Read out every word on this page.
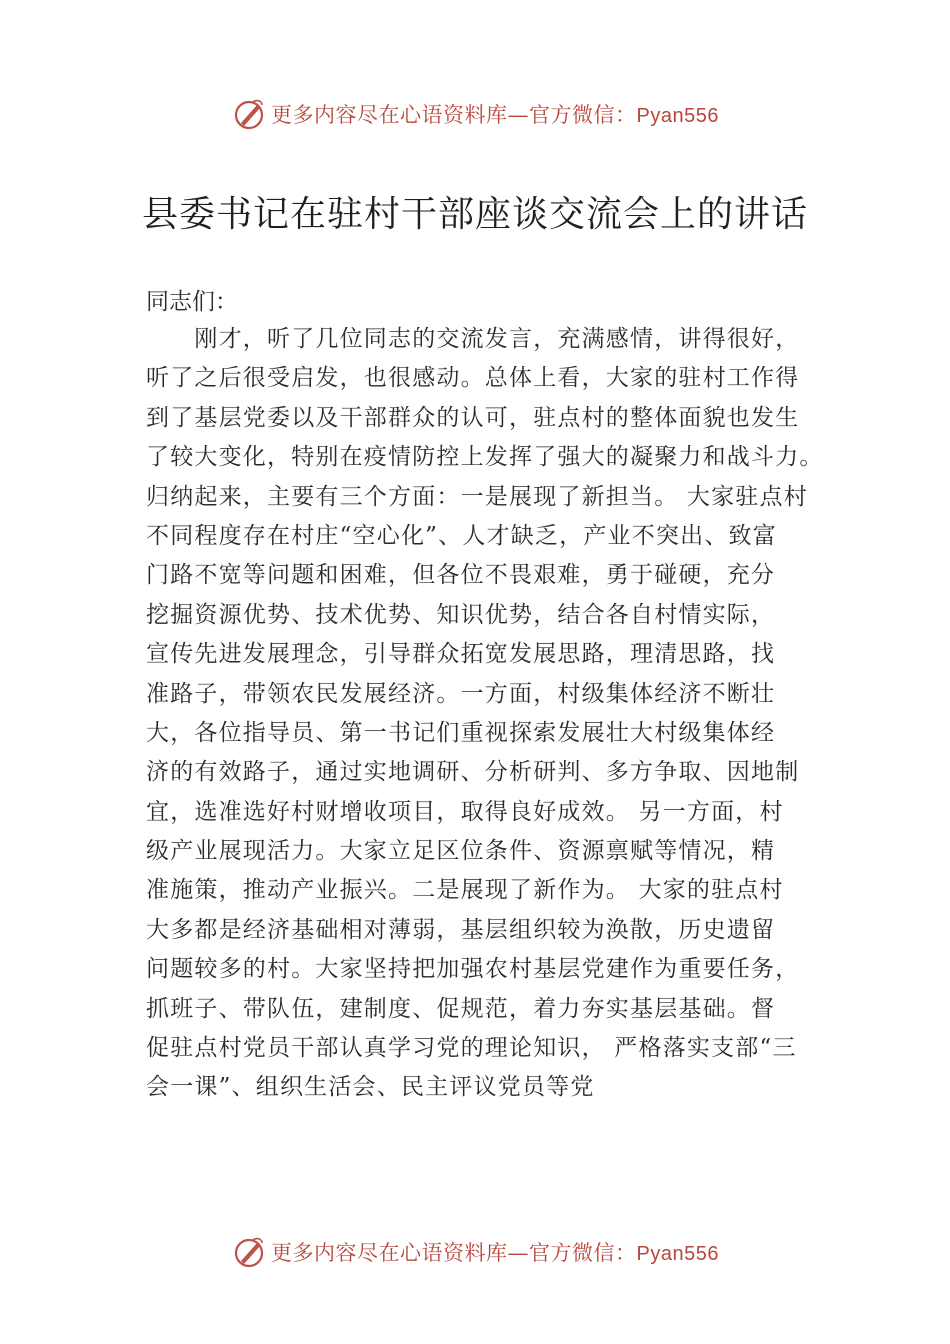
更多内容尽在心语资料库—官方微信：Pyan556
县委书记在驻村干部座谈交流会上的讲话
同志们：
　　刚才，听了几位同志的交流发言，充满感情，讲得很好，
听了之后很受启发，也很感动。总体上看，大家的驻村工作得
到了基层党委以及干部群众的认可，驻点村的整体面貌也发生
了较大变化，特别在疫情防控上发挥了强大的凝聚力和战斗力。
归纳起来，主要有三个方面：一是展现了新担当。 大家驻点村
不同程度存在村庄“空心化”、人才缺乏，产业不突出、致富
门路不宽等问题和困难，但各位不畏艰难，勇于碰硬，充分
挖掘资源优势、技术优势、知识优势，结合各自村情实际，
宣传先进发展理念，引导群众拓宽发展思路，理清思路，找
准路子，带领农民发展经济。一方面，村级集体经济不断壮
大，各位指导员、第一书记们重视探索发展壮大村级集体经
济的有效路子，通过实地调研、分析研判、多方争取、因地制
宜，选准选好村财增收项目，取得良好成效。 另一方面，村
级产业展现活力。大家立足区位条件、资源禀赋等情况，精
准施策，推动产业振兴。二是展现了新作为。 大家的驻点村
大多都是经济基础相对薄弱，基层组织较为涣散，历史遗留
问题较多的村。大家坚持把加强农村基层党建作为重要任务，
抓班子、带队伍，建制度、促规范，着力夯实基层基础。督
促驻点村党员干部认真学习党的理论知识， 严格落实支部“三
会一课”、组织生活会、民主评议党员等党
更多内容尽在心语资料库—官方微信：Pyan556
